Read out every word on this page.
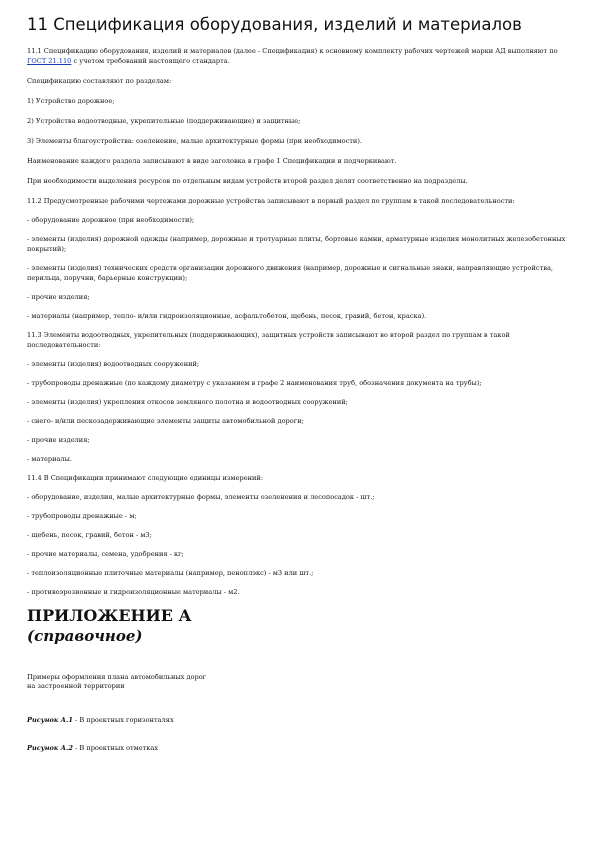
11 Спецификация оборудования, изделий и материалов

11.1 Спецификацию оборудования, изделий и материалов (далее - Спецификация) к основному комплекту рабочих чертежей марки АД выполняют по ГОСТ 21.110 с учетом требований настоящего стандарта.

Спецификацию составляют по разделам:

1) Устройство дорожное;

2) Устройства водоотводные, укрепительные (поддерживающие) и защитные;

3) Элементы благоустройства: озеленение, малые архитектурные формы (при необходимости).

Наименование каждого раздела записывают в виде заголовка в графе 1 Спецификации и подчеркивают.

При необходимости выделения ресурсов по отдельным видам устройств второй раздел делят соответственно на подразделы.

11.2 Предусмотренные рабочими чертежами дорожные устройства записывают в первый раздел по группам в такой последовательности:

- оборудование дорожное (при необходимости);

- элементы (изделия) дорожной одежды (например, дорожные и тротуарные плиты, бортовые камни, арматурные изделия монолитных железобетонных покрытий);

- элементы (изделия) технических средств организации дорожного движения (например, дорожные и сигнальные знаки, направляющие устройства, перильца, поручни, барьерные конструкции);

- прочие изделия;

- материалы (например, тепло- и/или гидроизоляционные, асфальтобетон, щебень, песок, гравий, бетон, краска).

11.3 Элементы водоотводных, укрепительных (поддерживающих), защитных устройств записывают во второй раздел по группам в такой последовательности:

- элементы (изделия) водоотводных сооружений;

- трубопроводы дренажные (по каждому диаметру с указанием в графе 2 наименования труб, обозначения документа на трубы);

- элементы (изделия) укрепления откосов земляного полотна и водоотводных сооружений;

- снего- и/или пескозадерживающие элементы защиты автомобильной дороги;

- прочие изделия;

- материалы.

11.4 В Спецификации принимают следующие единицы измерений:

- оборудование, изделия, малые архитектурные формы, элементы озеленения и лесопосадок - шт.;

- трубопроводы дренажные - м;

- щебень, песок, гравий, бетон - м3;

- прочие материалы, семена, удобрения - кг;

- теплоизоляционные плиточные материалы (например, пеноплэкс) - м3 или шт.;

- противоэрозионные и гидроизоляционные материалы - м2.

ПРИЛОЖЕНИЕ А
(справочное)
Примеры оформления плана автомобильных дорог
на застроенной территории
Рисунок А.1 - В проектных горизонталях
Рисунок А.2 - В проектных отметках
